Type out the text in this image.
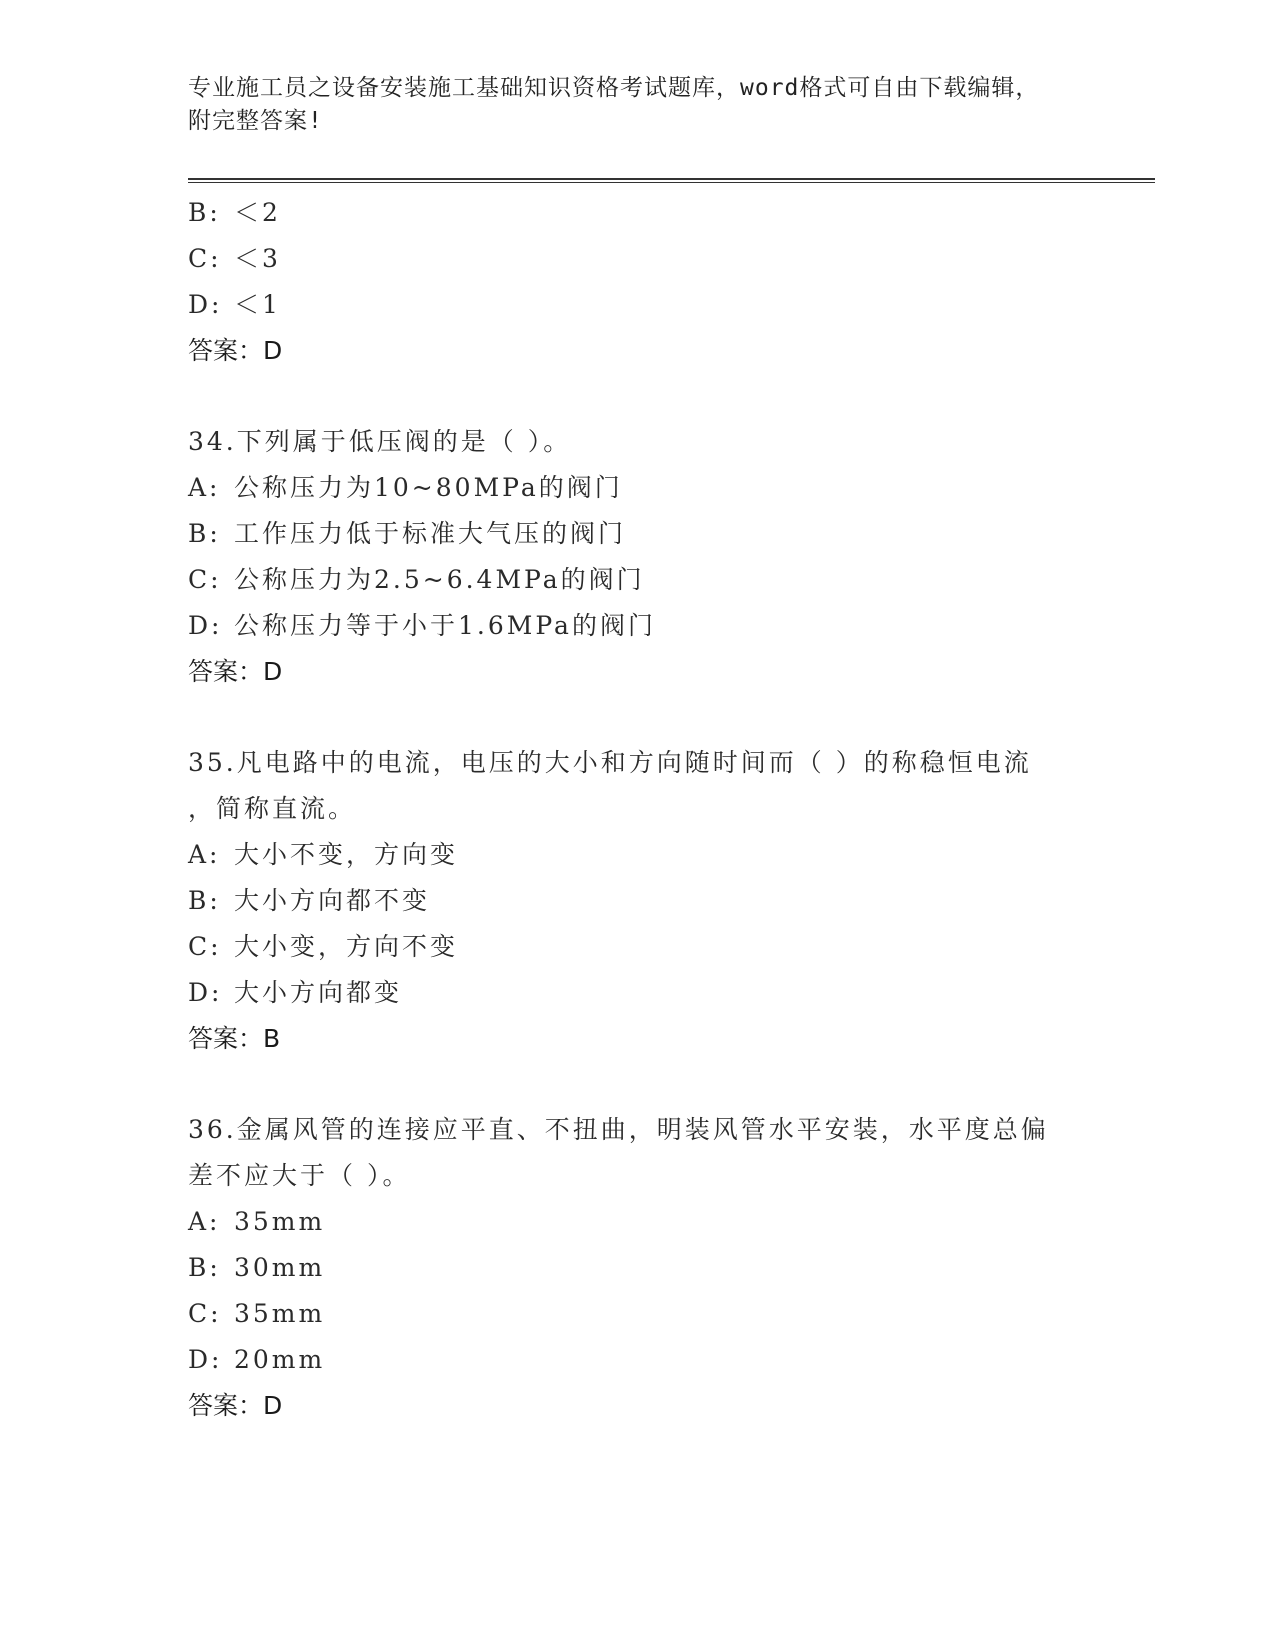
专业施工员之设备安装施工基础知识资格考试题库，word格式可自由下载编辑，
附完整答案!
B: ＜2
C: ＜3
D: ＜1
答案：D
34.下列属于低压阀的是（ ）。
A: 公称压力为10~80MPa的阀门
B: 工作压力低于标准大气压的阀门
C: 公称压力为2.5~6.4MPa的阀门
D: 公称压力等于小于1.6MPa的阀门
答案：D
35.凡电路中的电流，电压的大小和方向随时间而（ ）的称稳恒电流
，简称直流。
A: 大小不变，方向变
B: 大小方向都不变
C: 大小变，方向不变
D: 大小方向都变
答案：B
36.金属风管的连接应平直、不扭曲，明装风管水平安装，水平度总偏
差不应大于（ ）。
A: 35mm
B: 30mm
C: 35mm
D: 20mm
答案：D
